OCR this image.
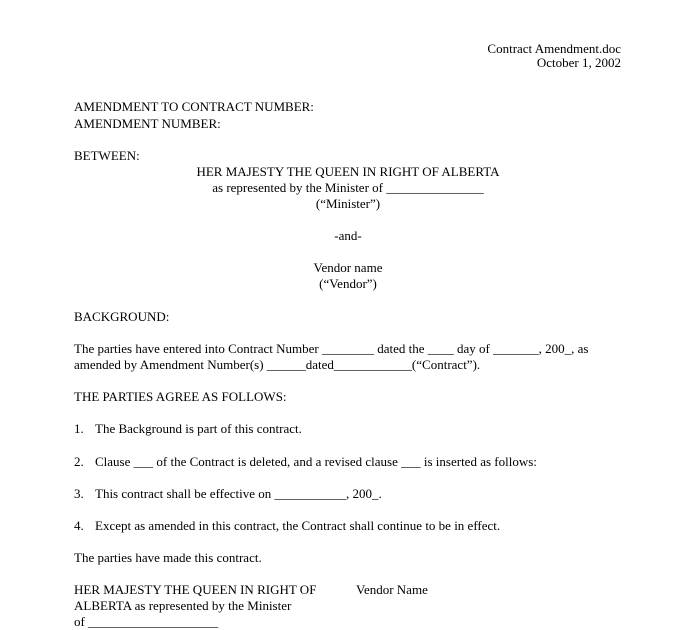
Contract Amendment.doc
October 1, 2002
AMENDMENT TO CONTRACT NUMBER:
AMENDMENT NUMBER:
BETWEEN:
HER MAJESTY THE QUEEN IN RIGHT OF ALBERTA
as represented by the Minister of _______________
(“Minister”)
-and-
Vendor name
(“Vendor”)
BACKGROUND:
The parties have entered into Contract Number ________ dated the ____ day of _______, 200_, as
amended by Amendment Number(s) ______dated____________(“Contract”).
THE PARTIES AGREE AS FOLLOWS:
1. The Background is part of this contract.
2. Clause ___ of the Contract is deleted, and a revised clause ___ is inserted as follows:
3. This contract shall be effective on ___________, 200_.
4. Except as amended in this contract, the Contract shall continue to be in effect.
The parties have made this contract.
HER MAJESTY THE QUEEN IN RIGHT OF
ALBERTA as represented by the Minister
of ____________________
Vendor Name
